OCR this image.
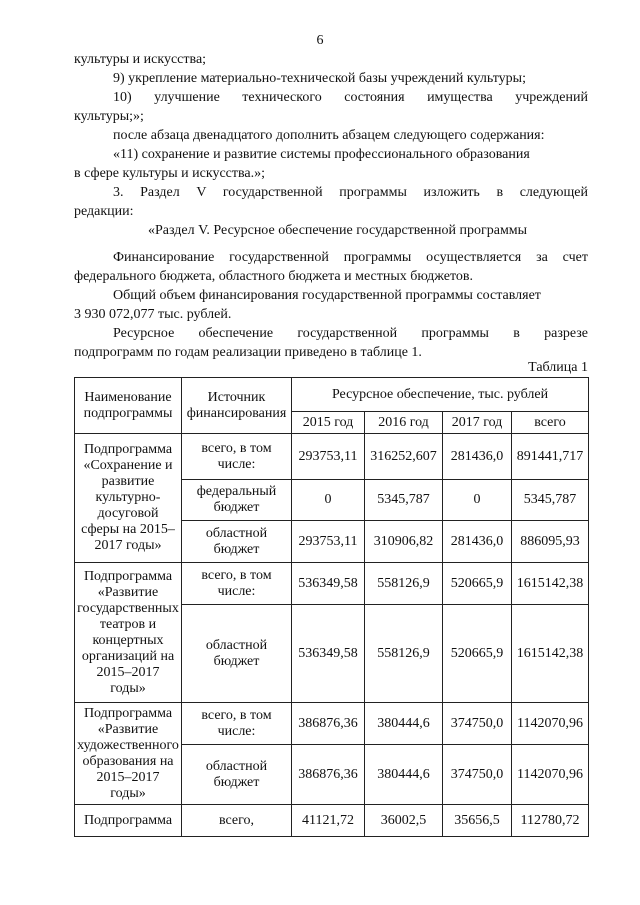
6
культуры и искусства;
9) укрепление материально-технической базы учреждений культуры;
10) улучшение технического состояния имущества учреждений
культуры;»;
после абзаца двенадцатого дополнить абзацем следующего содержания:
«11) сохранение и развитие системы профессионального образования
в сфере культуры и искусства.»;
3. Раздел V государственной программы изложить в следующей
редакции:
«Раздел V. Ресурсное обеспечение государственной программы
Финансирование государственной программы осуществляется за счет
федерального бюджета, областного бюджета и местных бюджетов.
Общий объем финансирования государственной программы составляет
3 930 072,077 тыс. рублей.
Ресурсное обеспечение государственной программы в разрезе
подпрограмм по годам реализации приведено в таблице 1.
Таблица 1
Наименование подпрограммы	Источник финансирования	Ресурсное обеспечение, тыс. рублей			
		2015 год	2016 год	2017 год	всего
Подпрограмма «Сохранение и развитие культурно-досуговой сферы на 2015–2017 годы»	всего, в том числе:	293753,11	316252,607	281436,0	891441,717
	федеральный бюджет	0	5345,787	0	5345,787
	областной бюджет	293753,11	310906,82	281436,0	886095,93
Подпрограмма «Развитие государственных театров и концертных организаций на 2015–2017 годы»	всего, в том числе:	536349,58	558126,9	520665,9	1615142,38
	областной бюджет	536349,58	558126,9	520665,9	1615142,38
Подпрограмма «Развитие художественного образования на 2015–2017 годы»	всего, в том числе:	386876,36	380444,6	374750,0	1142070,96
	областной бюджет	386876,36	380444,6	374750,0	1142070,96
Подпрограмма	всего,	41121,72	36002,5	35656,5	112780,72
